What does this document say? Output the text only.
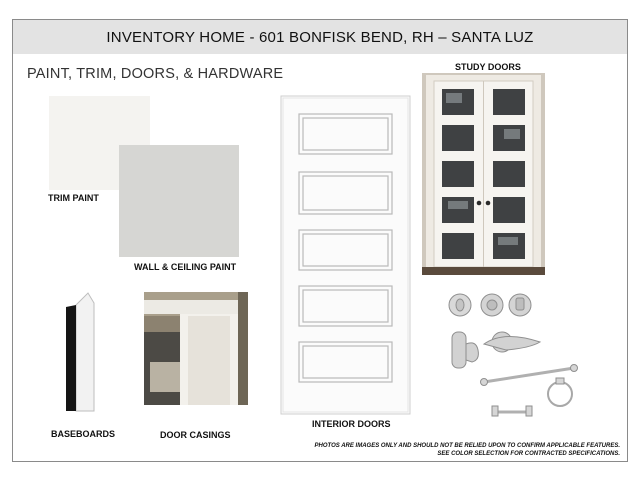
INVENTORY HOME - 601 BONFISK BEND, RH – SANTA LUZ
PAINT, TRIM, DOORS, & HARDWARE
TRIM PAINT
WALL & CEILING PAINT
INTERIOR DOORS
STUDY DOORS
BASEBOARDS	DOOR CASINGS
PHOTOS ARE IMAGES ONLY AND SHOULD NOT BE RELIED UPON TO CONFIRM APPLICABLE FEATURES.
SEE COLOR SELECTION FOR CONTRACTED SPECIFICATIONS.
